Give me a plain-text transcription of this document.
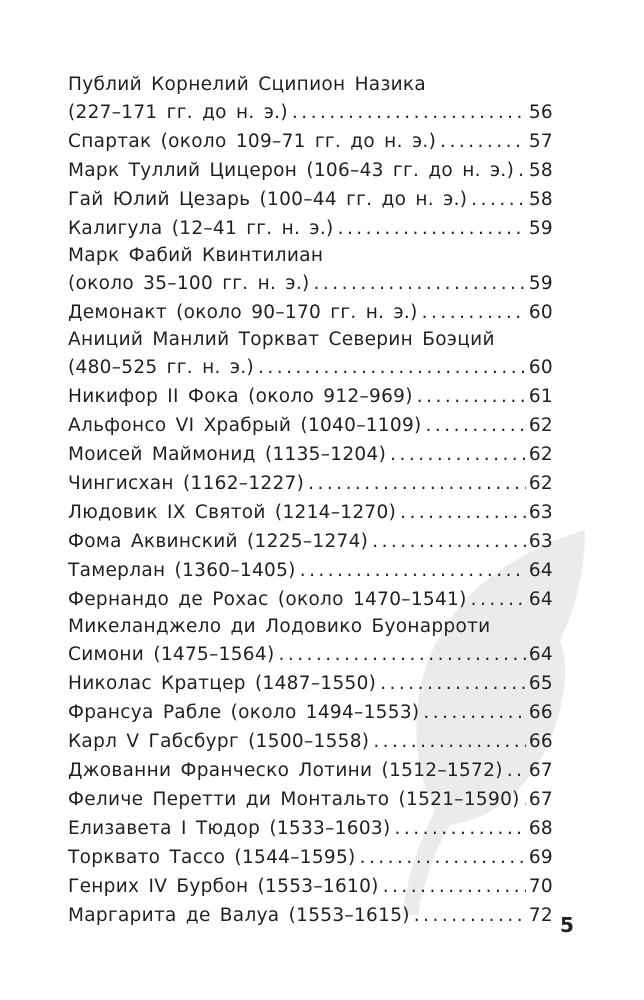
Публий Корнелий Сципион Назика
(227–171 гг. до н. э.) . . .	56
Спартак (около 109–71 гг. до н. э.) . . .	57
Марк Туллий Цицерон (106–43 гг. до н. э.) . . . 58
Гай Юлий Цезарь (100–44 гг. до н. э.) . . .	58
Калигула (12–41 гг. н. э.) . . .	59
Марк Фабий Квинтилиан
(около 35–100 гг. н. э.) . . .	59
Демонакт (около 90–170 гг. н. э.) . . .	60
Аниций Манлий Торкват Северин Боэций
(480–525 гг. н. э.) . . .	60
Никифор II Фока (около 912–969) . . .	61
Альфонсо VI Храбрый (1040–1109) . . .	62
Моисей Маймонид (1135–1204) . . .	62
Чингисхан (1162–1227) . . .	62
Людовик IX Святой (1214–1270) . . .	63
Фома Аквинский (1225–1274) . . .	63
Тамерлан (1360–1405) . . .	64
Фернандо де Рохас (около 1470–1541) . . .	64
Микеланджело ди Лодовико Буонарроти
Симони (1475–1564) . . .	64
Николас Кратцер (1487–1550) . . .	65
Франсуа Рабле (около 1494–1553) . . .	66
Карл V Габсбург (1500–1558) . . .	66
Джованни Франческо Лотини (1512–1572) . . . 67
Феличе Перетти ди Монтальто (1521–1590) . . . 67
Елизавета I Тюдор (1533–1603) . . .	68
Торквато Тассо (1544–1595) . . .	69
Генрих IV Бурбон (1553–1610) . . .	70
Маргарита де Валуа (1553–1615) . . .	72 5
